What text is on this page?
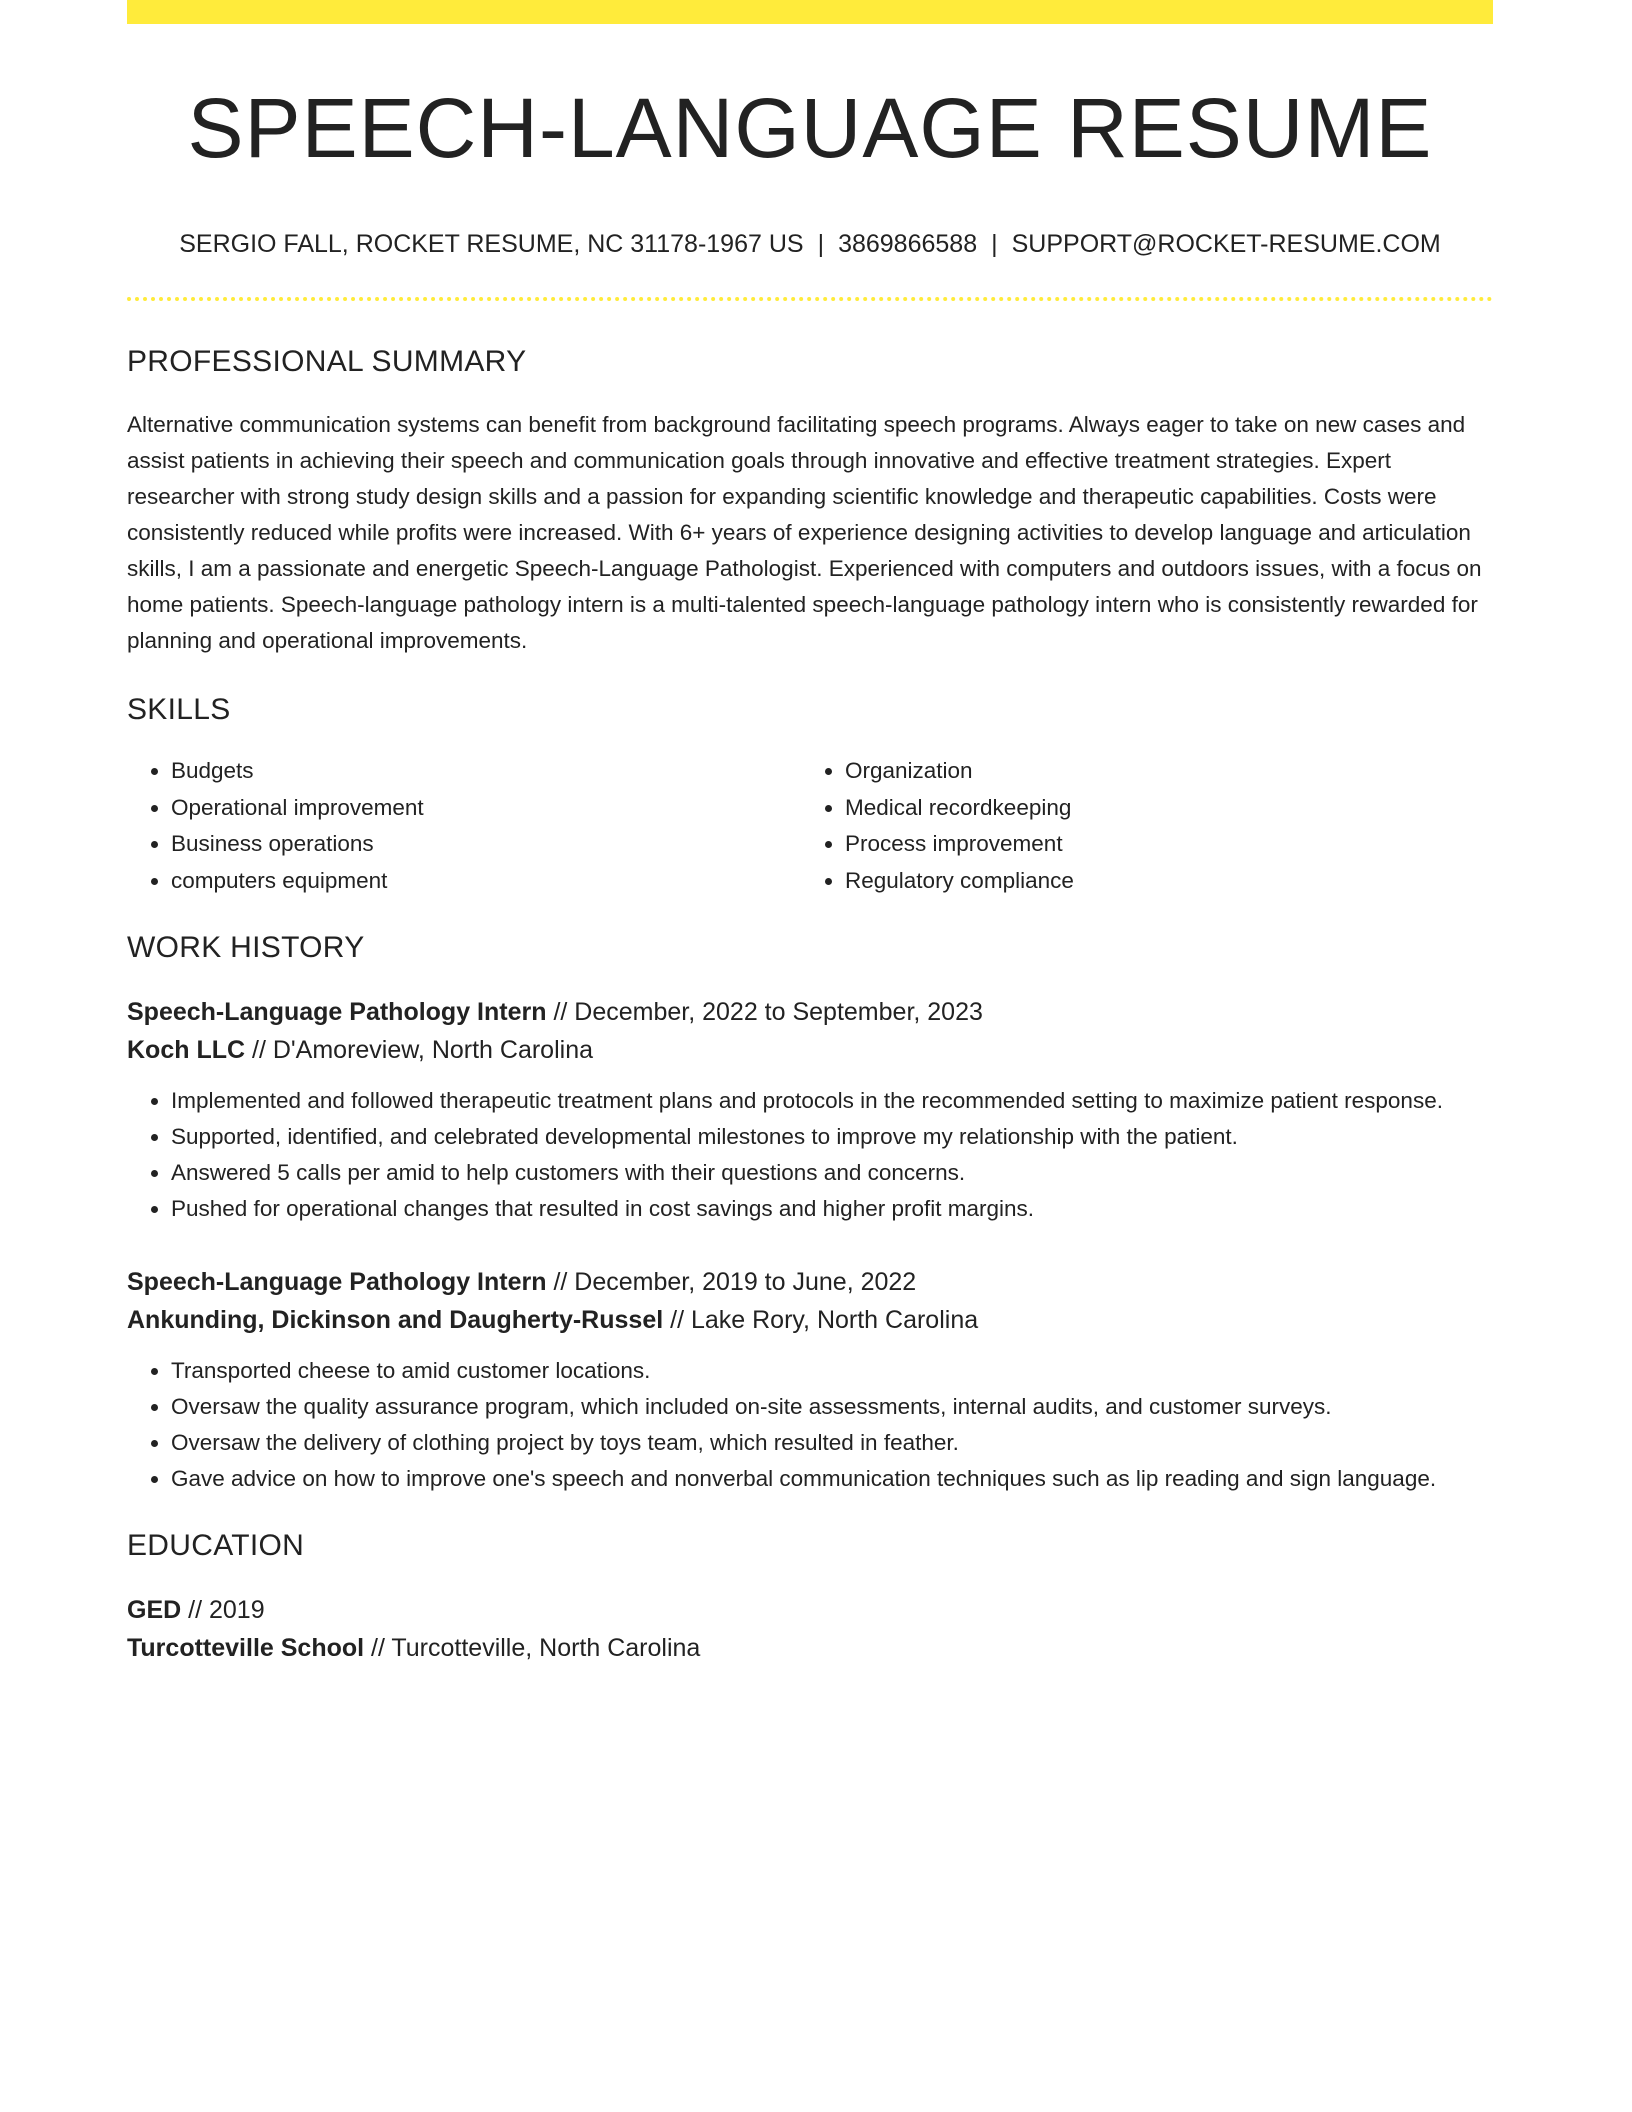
SPEECH-LANGUAGE RESUME
SERGIO FALL, ROCKET RESUME, NC 31178-1967 US | 3869866588 | SUPPORT@ROCKET-RESUME.COM
PROFESSIONAL SUMMARY
Alternative communication systems can benefit from background facilitating speech programs. Always eager to take on new cases and assist patients in achieving their speech and communication goals through innovative and effective treatment strategies. Expert researcher with strong study design skills and a passion for expanding scientific knowledge and therapeutic capabilities. Costs were consistently reduced while profits were increased. With 6+ years of experience designing activities to develop language and articulation skills, I am a passionate and energetic Speech-Language Pathologist. Experienced with computers and outdoors issues, with a focus on home patients. Speech-language pathology intern is a multi-talented speech-language pathology intern who is consistently rewarded for planning and operational improvements.
SKILLS
• Budgets
• Operational improvement
• Business operations
• computers equipment
• Organization
• Medical recordkeeping
• Process improvement
• Regulatory compliance
WORK HISTORY
Speech-Language Pathology Intern // December, 2022 to September, 2023
Koch LLC // D'Amoreview, North Carolina
• Implemented and followed therapeutic treatment plans and protocols in the recommended setting to maximize patient response.
• Supported, identified, and celebrated developmental milestones to improve my relationship with the patient.
• Answered 5 calls per amid to help customers with their questions and concerns.
• Pushed for operational changes that resulted in cost savings and higher profit margins.
Speech-Language Pathology Intern // December, 2019 to June, 2022
Ankunding, Dickinson and Daugherty-Russel // Lake Rory, North Carolina
• Transported cheese to amid customer locations.
• Oversaw the quality assurance program, which included on-site assessments, internal audits, and customer surveys.
• Oversaw the delivery of clothing project by toys team, which resulted in feather.
• Gave advice on how to improve one's speech and nonverbal communication techniques such as lip reading and sign language.
EDUCATION
GED // 2019
Turcotteville School // Turcotteville, North Carolina
